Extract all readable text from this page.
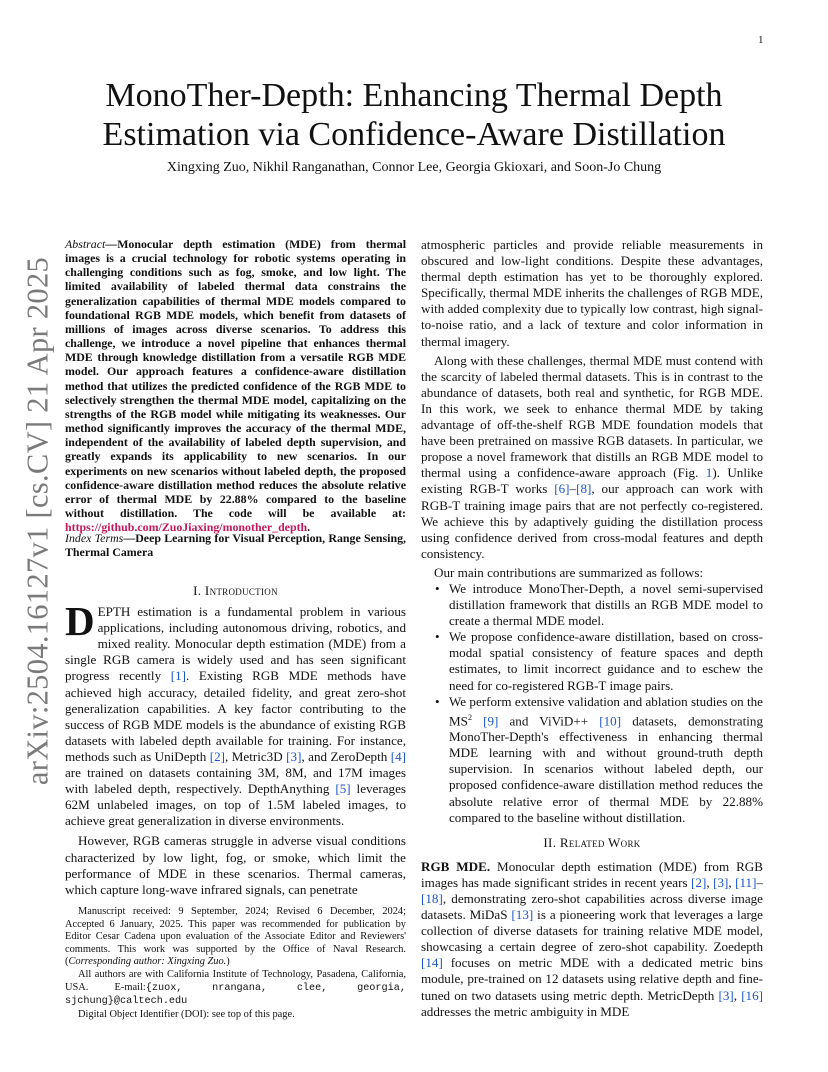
1
arXiv:2504.16127v1 [cs.CV] 21 Apr 2025
MonoTher-Depth: Enhancing Thermal Depth
Estimation via Confidence-Aware Distillation
Xingxing Zuo, Nikhil Ranganathan, Connor Lee, Georgia Gkioxari, and Soon-Jo Chung
Abstract—Monocular depth estimation (MDE) from thermal images is a crucial technology for robotic systems operating in challenging conditions such as fog, smoke, and low light. The limited availability of labeled thermal data constrains the generalization capabilities of thermal MDE models compared to foundational RGB MDE models, which benefit from datasets of millions of images across diverse scenarios. To address this challenge, we introduce a novel pipeline that enhances thermal MDE through knowledge distillation from a versatile RGB MDE model. Our approach features a confidence-aware distillation method that utilizes the predicted confidence of the RGB MDE to selectively strengthen the thermal MDE model, capitalizing on the strengths of the RGB model while mitigating its weaknesses. Our method significantly improves the accuracy of the thermal MDE, independent of the availability of labeled depth supervision, and greatly expands its applicability to new scenarios. In our experiments on new scenarios without labeled depth, the proposed confidence-aware distillation method reduces the absolute relative error of thermal MDE by 22.88% compared to the baseline without distillation. The code will be available at: https://github.com/ZuoJiaxing/monother_depth.
Index Terms—Deep Learning for Visual Perception, Range Sensing, Thermal Camera
I. Introduction

DEPTH estimation is a fundamental problem in various applications, including autonomous driving, robotics, and mixed reality. Monocular depth estimation (MDE) from a single RGB camera is widely used and has seen significant progress recently [1]. Existing RGB MDE methods have achieved high accuracy, detailed fidelity, and great zero-shot generalization capabilities. A key factor contributing to the success of RGB MDE models is the abundance of existing RGB datasets with labeled depth available for training. For instance, methods such as UniDepth [2], Metric3D [3], and ZeroDepth [4] are trained on datasets containing 3M, 8M, and 17M images with labeled depth, respectively. DepthAnything [5] leverages 62M unlabeled images, on top of 1.5M labeled images, to achieve great generalization in diverse environments.

However, RGB cameras struggle in adverse visual conditions characterized by low light, fog, or smoke, which limit the performance of MDE in these scenarios. Thermal cameras, which capture long-wave infrared signals, can penetrate

Manuscript received: 9 September, 2024; Revised 6 December, 2024; Accepted 6 January, 2025. This paper was recommended for publication by Editor Cesar Cadena upon evaluation of the Associate Editor and Reviewers' comments. This work was supported by the Office of Naval Research. (Corresponding author: Xingxing Zuo.)

All authors are with California Institute of Technology, Pasadena, California, USA. E-mail:{zuox, nrangana, clee, georgia, sjchung}@caltech.edu

Digital Object Identifier (DOI): see top of this page.

atmospheric particles and provide reliable measurements in obscured and low-light conditions. Despite these advantages, thermal depth estimation has yet to be thoroughly explored. Specifically, thermal MDE inherits the challenges of RGB MDE, with added complexity due to typically low contrast, high signal-to-noise ratio, and a lack of texture and color information in thermal imagery.

Along with these challenges, thermal MDE must contend with the scarcity of labeled thermal datasets. This is in contrast to the abundance of datasets, both real and synthetic, for RGB MDE. In this work, we seek to enhance thermal MDE by taking advantage of off-the-shelf RGB MDE foundation models that have been pretrained on massive RGB datasets. In particular, we propose a novel framework that distills an RGB MDE model to thermal using a confidence-aware approach (Fig. 1). Unlike existing RGB-T works [6]–[8], our approach can work with RGB-T training image pairs that are not perfectly co-registered. We achieve this by adaptively guiding the distillation process using confidence derived from cross-modal features and depth consistency.

Our main contributions are summarized as follows:

• We introduce MonoTher-Depth, a novel semi-supervised distillation framework that distills an RGB MDE model to create a thermal MDE model.
• We propose confidence-aware distillation, based on cross-modal spatial consistency of feature spaces and depth estimates, to limit incorrect guidance and to eschew the need for co-registered RGB-T image pairs.
• We perform extensive validation and ablation studies on the $MS^2$ [9] and ViViD++ [10] datasets, demonstrating MonoTher-Depth's effectiveness in enhancing thermal MDE learning with and without ground-truth depth supervision. In scenarios without labeled depth, our proposed confidence-aware distillation method reduces the absolute relative error of thermal MDE by 22.88% compared to the baseline without distillation.
II. Related Work

RGB MDE. Monocular depth estimation (MDE) from RGB images has made significant strides in recent years [2], [3], [11]–[18], demonstrating zero-shot capabilities across diverse image datasets. MiDaS [13] is a pioneering work that leverages a large collection of diverse datasets for training relative MDE model, showcasing a certain degree of zero-shot capability. Zoedepth [14] focuses on metric MDE with a dedicated metric bins module, pre-trained on 12 datasets using relative depth and fine-tuned on two datasets using metric depth. MetricDepth [3], [16] addresses the metric ambiguity in MDE
